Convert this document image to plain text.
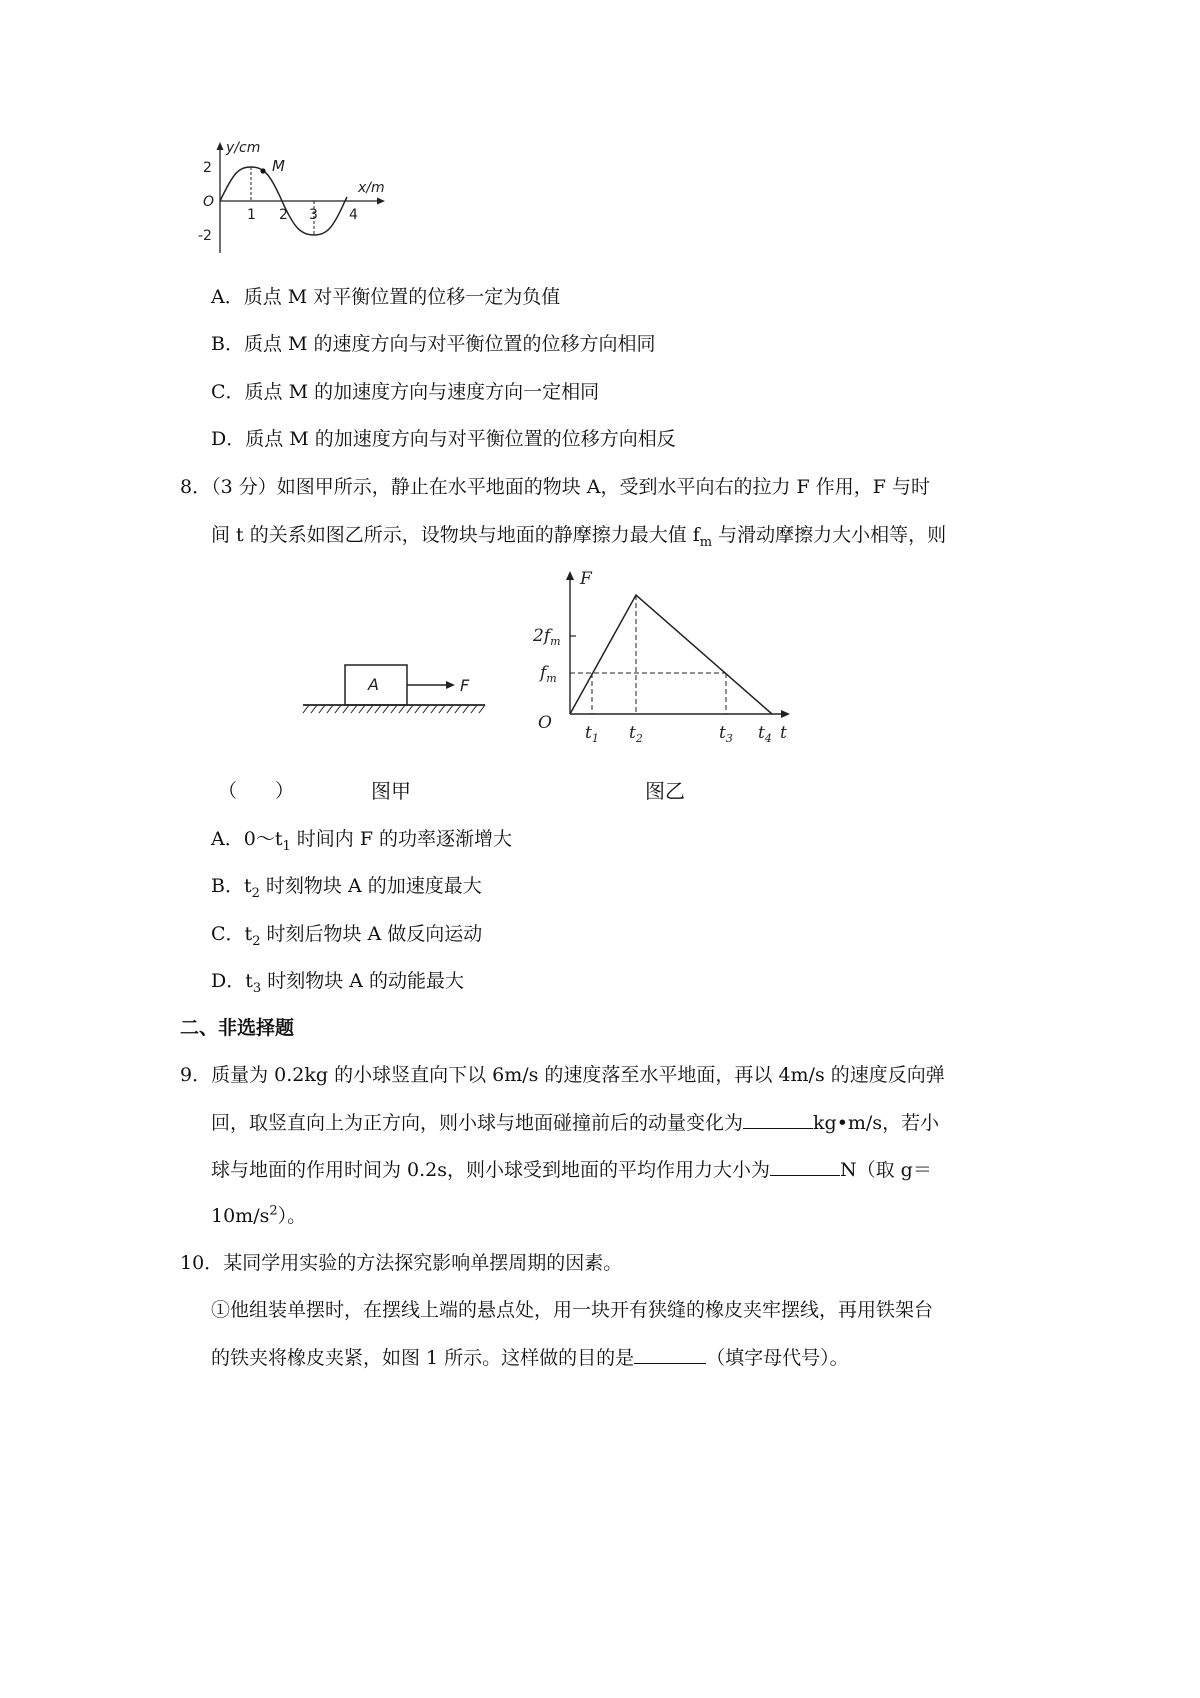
M
y/cm
x/m
O
2
-2
1 2 3 4
A．质点 M 对平衡位置的位移一定为负值
B．质点 M 的速度方向与对平衡位置的位移方向相同
C．质点 M 的加速度方向与速度方向一定相同
D．质点 M 的加速度方向与对平衡位置的位移方向相反
8．（3 分）如图甲所示，静止在水平地面的物块 A，受到水平向右的拉力 F 作用，F 与时
间 t 的关系如图乙所示，设物块与地面的静摩擦力最大值 $f_m$ 与滑动摩擦力大小相等，则
A	F
F
O
$2f_m$
$f_m$
$t_1$ $t_2$	$t_3$ $t_4$ t
（　　）	图甲	图乙
A．$0\sim t_1$ 时间内 F 的功率逐渐增大
B．$t_2$ 时刻物块 A 的加速度最大
C．$t_2$ 时刻后物块 A 做反向运动
D．$t_3$ 时刻物块 A 的动能最大
二、非选择题
9．质量为 0.2kg 的小球竖直向下以 6m/s 的速度落至水平地面，再以 4m/s 的速度反向弹
回，取竖直向上为正方向，则小球与地面碰撞前后的动量变化为	kg•m/s，若小
球与地面的作用时间为 0.2s，则小球受到地面的平均作用力大小为	N（取 g＝
$10m/s^2$）。
10．某同学用实验的方法探究影响单摆周期的因素。
①他组装单摆时，在摆线上端的悬点处，用一块开有狭缝的橡皮夹牢摆线，再用铁架台
的铁夹将橡皮夹紧，如图 1 所示。这样做的目的是	（填字母代号）。
